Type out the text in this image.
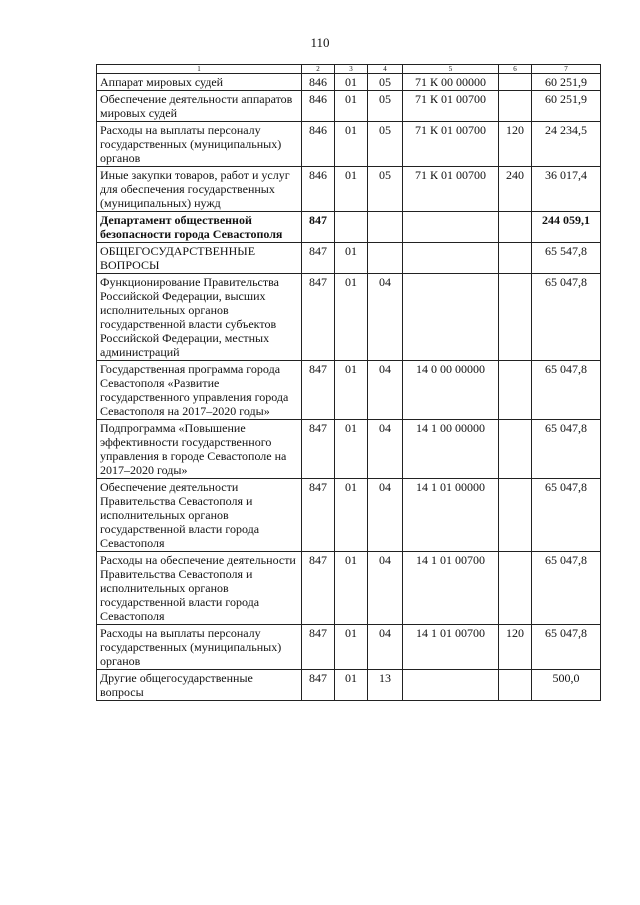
110
1	2	3	4	5	6	7
Аппарат мировых судей	846	01	05	71 К 00 00000		60 251,9
Обеспечение деятельности аппаратов мировых судей	846	01	05	71 К 01 00700		60 251,9
Расходы на выплаты персоналу государственных (муниципальных) органов	846	01	05	71 К 01 00700	120	24 234,5
Иные закупки товаров, работ и услуг для обеспечения государственных (муниципальных) нужд	846	01	05	71 К 01 00700	240	36 017,4
Департамент общественной безопасности города Севастополя	847					244 059,1
ОБЩЕГОСУДАРСТВЕННЫЕ ВОПРОСЫ	847	01				65 547,8
Функционирование Правительства Российской Федерации, высших исполнительных органов государственной власти субъектов Российской Федерации, местных администраций	847	01	04			65 047,8
Государственная программа города Севастополя «Развитие государственного управления города Севастополя на 2017–2020 годы»	847	01	04	14 0 00 00000		65 047,8
Подпрограмма «Повышение эффективности государственного управления в городе Севастополе на 2017–2020 годы»	847	01	04	14 1 00 00000		65 047,8
Обеспечение деятельности Правительства Севастополя и исполнительных органов государственной власти города Севастополя	847	01	04	14 1 01 00000		65 047,8
Расходы на обеспечение деятельности Правительства Севастополя и исполнительных органов государственной власти города Севастополя	847	01	04	14 1 01 00700		65 047,8
Расходы на выплаты персоналу государственных (муниципальных) органов	847	01	04	14 1 01 00700	120	65 047,8
Другие общегосударственные вопросы	847	01	13			500,0
